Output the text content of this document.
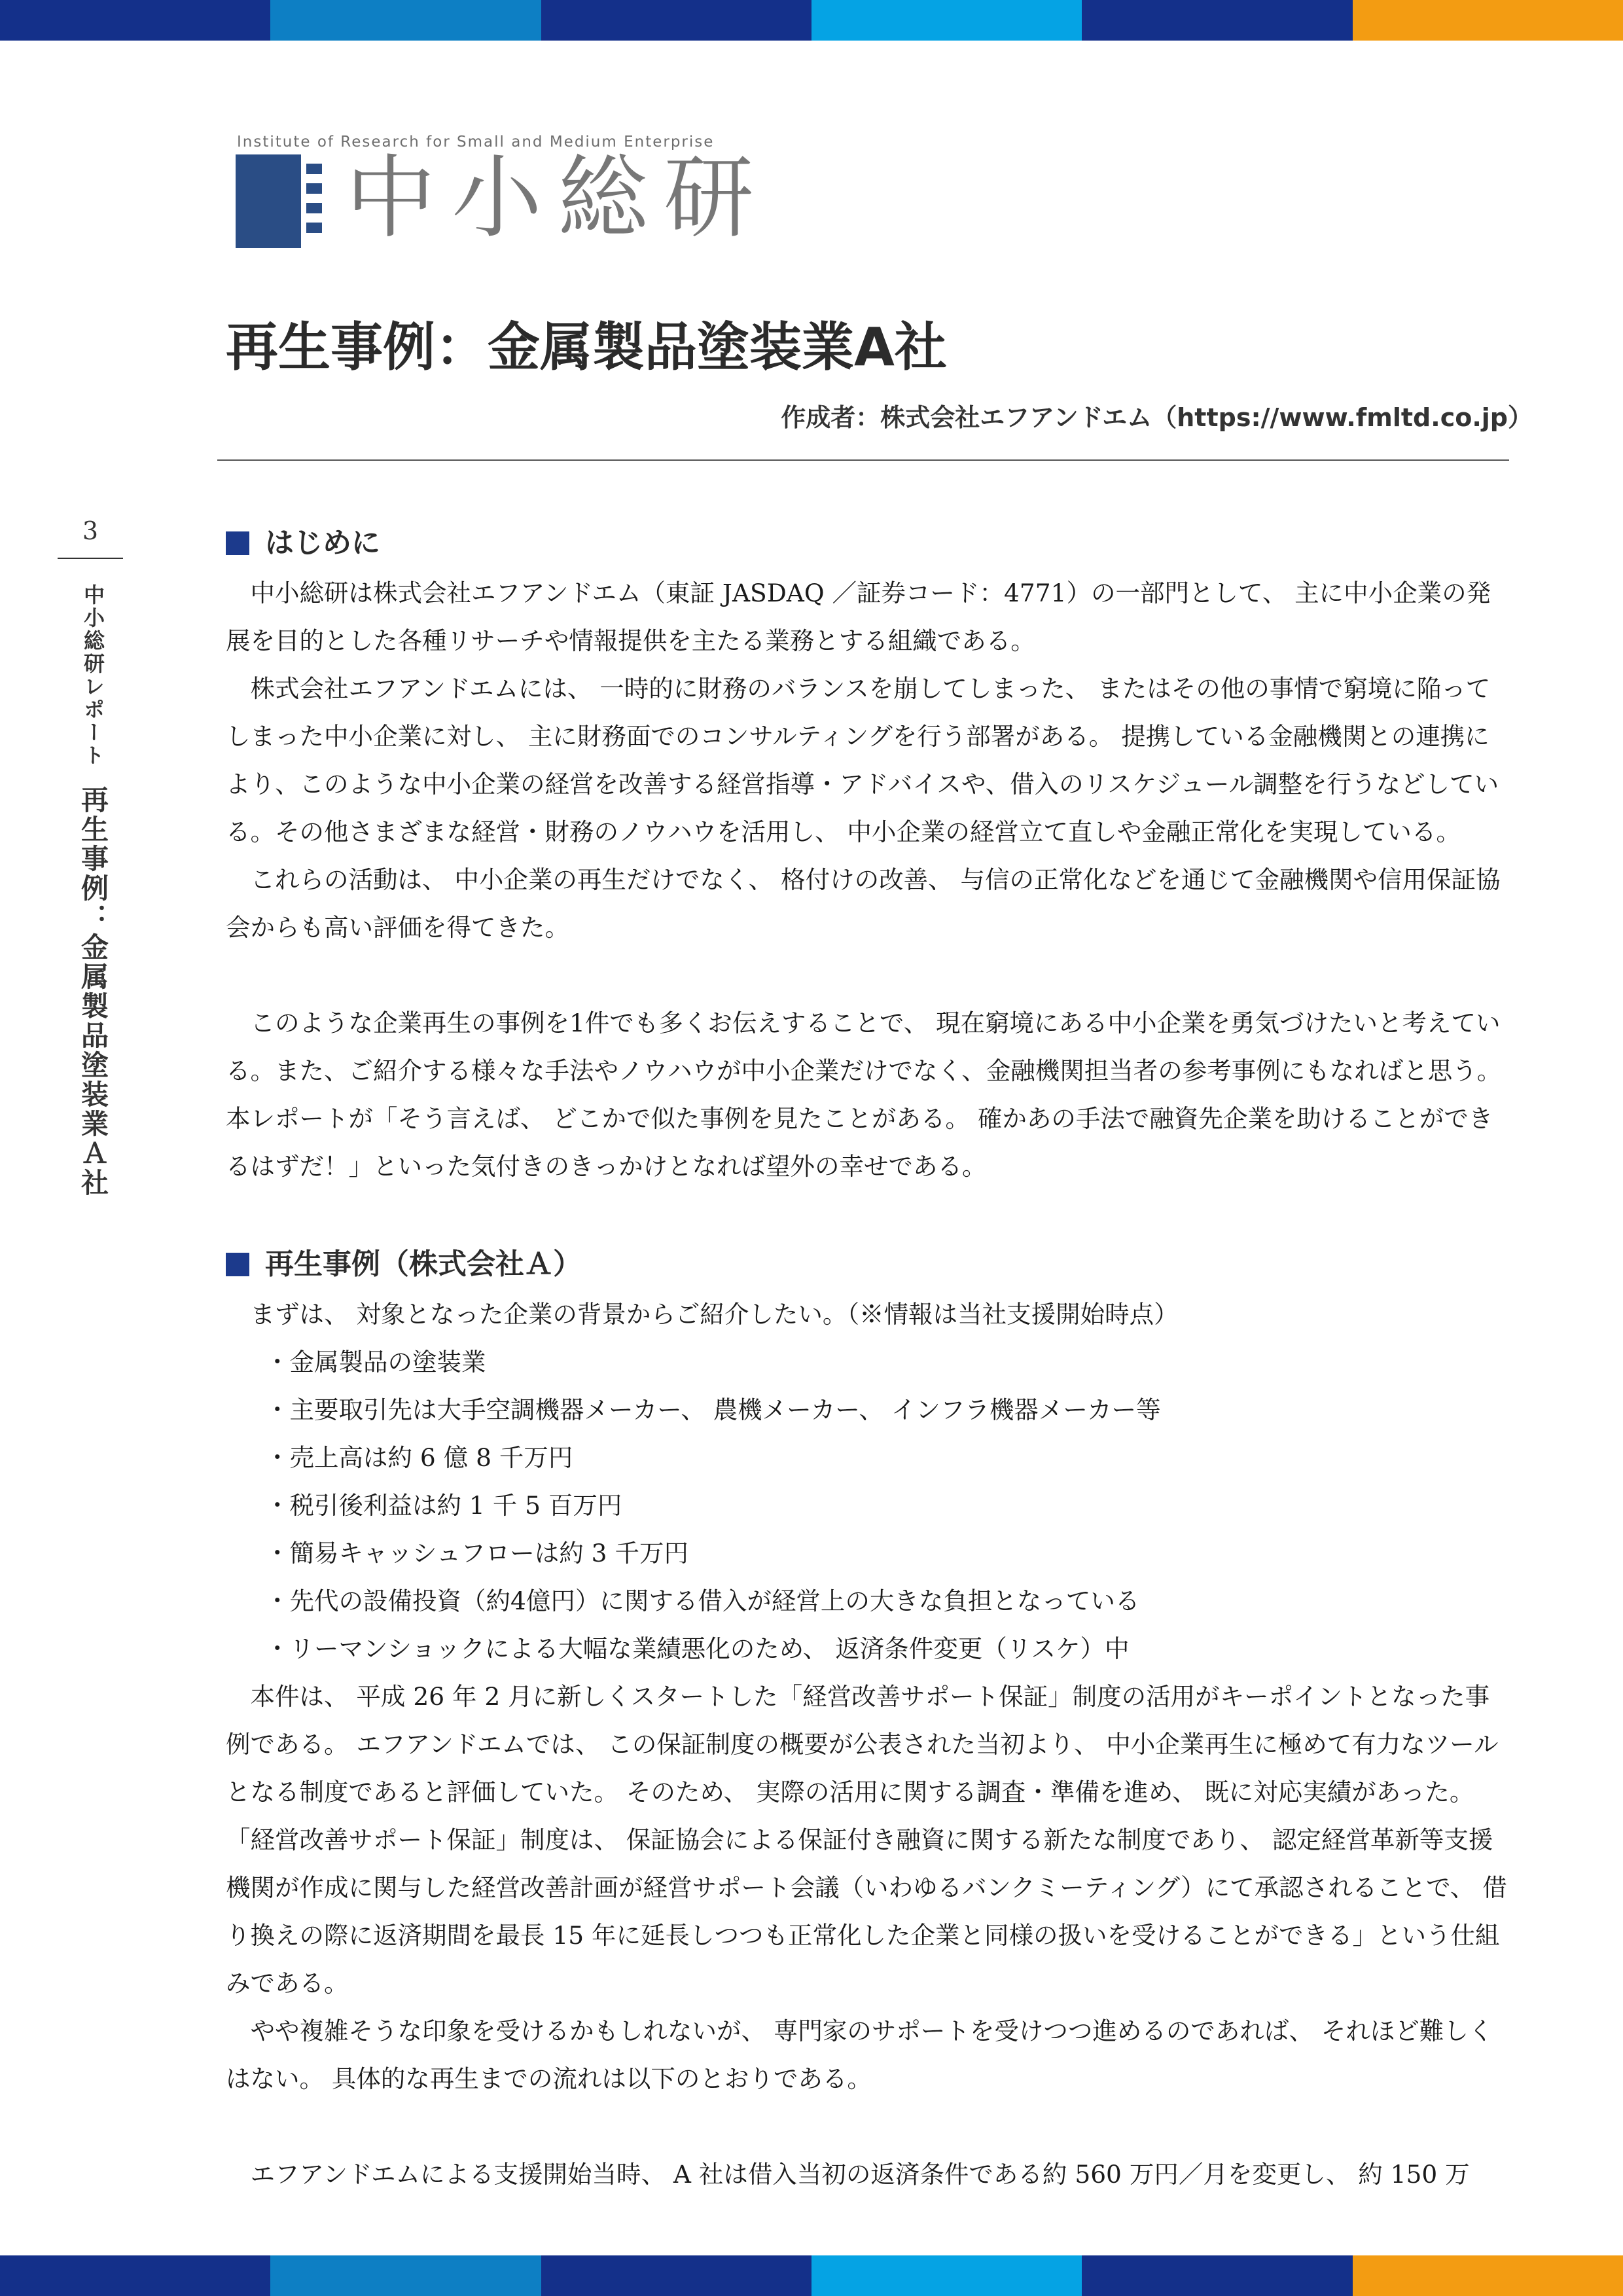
Institute of Research for Small and Medium Enterprise
中小総研
再生事例：金属製品塗装業A社
作成者：株式会社エフアンドエム（https://www.fmltd.co.jp）
3
中小総研レポート再生事例：金属製品塗装業Ａ社
はじめに

中小総研は株式会社エフアンドエム（東証 JASDAQ ／証券コード：4771）の一部門として、 主に中小企業の発展を目的とした各種リサーチや情報提供を主たる業務とする組織である。

株式会社エフアンドエムには、 一時的に財務のバランスを崩してしまった、 またはその他の事情で窮境に陥ってしまった中小企業に対し、 主に財務面でのコンサルティングを行う部署がある。 提携している金融機関との連携により、このような中小企業の経営を改善する経営指導・アドバイスや、借入のリスケジュール調整を行うなどしている。その他さまざまな経営・財務のノウハウを活用し、 中小企業の経営立て直しや金融正常化を実現している。

これらの活動は、 中小企業の再生だけでなく、 格付けの改善、 与信の正常化などを通じて金融機関や信用保証協会からも高い評価を得てきた。

このような企業再生の事例を1件でも多くお伝えすることで、 現在窮境にある中小企業を勇気づけたいと考えている。また、ご紹介する様々な手法やノウハウが中小企業だけでなく、金融機関担当者の参考事例にもなればと思う。本レポートが「そう言えば、 どこかで似た事例を見たことがある。 確かあの手法で融資先企業を助けることができるはずだ！」といった気付きのきっかけとなれば望外の幸せである。

再生事例（株式会社Ａ）

まずは、 対象となった企業の背景からご紹介したい。（※情報は当社支援開始時点）

・ 金属製品の塗装業
・ 主要取引先は大手空調機器メーカー、 農機メーカー、 インフラ機器メーカー等
・ 売上高は約 6 億 8 千万円
・ 税引後利益は約 1 千 5 百万円
・ 簡易キャッシュフローは約 3 千万円
・ 先代の設備投資（約4億円）に関する借入が経営上の大きな負担となっている
・ リーマンショックによる大幅な業績悪化のため、 返済条件変更（リスケ）中

本件は、 平成 26 年 2 月に新しくスタートした「経営改善サポート保証」制度の活用がキーポイントとなった事例である。 エフアンドエムでは、 この保証制度の概要が公表された当初より、 中小企業再生に極めて有力なツールとなる制度であると評価していた。 そのため、 実際の活用に関する調査・準備を進め、 既に対応実績があった。

「経営改善サポート保証」制度は、 保証協会による保証付き融資に関する新たな制度であり、 認定経営革新等支援機関が作成に関与した経営改善計画が経営サポート会議（いわゆるバンクミーティング）にて承認されることで、 借り換えの際に返済期間を最長 15 年に延長しつつも正常化した企業と同様の扱いを受けることができる」という仕組みである。

やや複雑そうな印象を受けるかもしれないが、 専門家のサポートを受けつつ進めるのであれば、 それほど難しくはない。 具体的な再生までの流れは以下のとおりである。

エフアンドエムによる支援開始当時、 A 社は借入当初の返済条件である約 560 万円／月を変更し、 約 150 万
